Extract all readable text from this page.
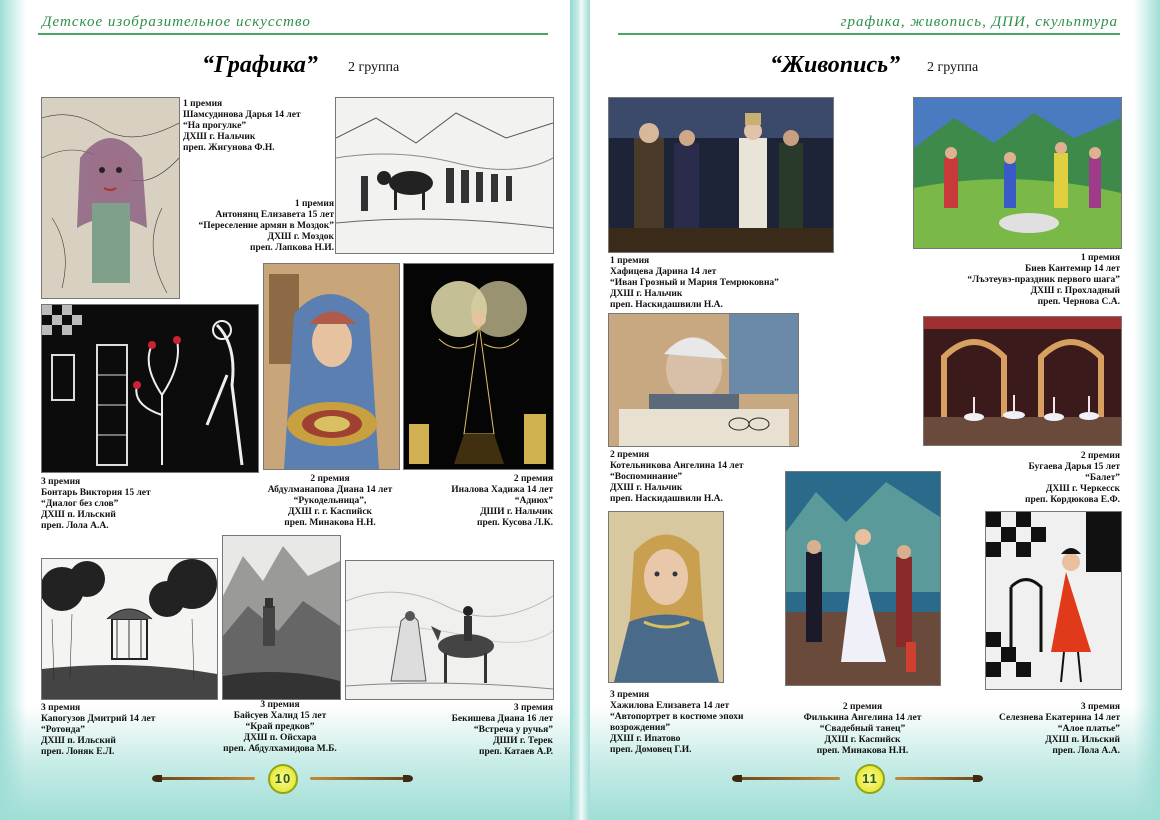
Детское изобразительное искусство
“Графика” 2 группа
1 премия
Шамсудинова Дарья 14 лет
“На прогулке”
ДХШ г. Нальчик
преп. Жигунова Ф.Н.
1 премия
Антонянц Елизавета 15 лет
“Переселение армян в Моздок”
ДХШ г. Моздок
преп. Лапкова Н.И.
3 премия
Бонтарь Виктория 15 лет
“Диалог без слов”
ДХШ п. Ильский
преп. Лола А.А.
2 премия
Абдулманапова Диана 14 лет
“Рукодельница”,
ДХШ г. г. Каспийск
преп. Минакова Н.Н.
2 премия
Иналова Хадижа 14 лет
“Адиюх”
ДШИ г. Нальчик
преп. Кусова Л.К.
3 премия
Капогузов Дмитрий 14 лет
“Ротонда”
ДХШ п. Ильский
преп. Лоняк Е.Л.
3 премия
Байсуев Халид 15 лет
“Край предков”
ДХШ п. Ойсхара
преп. Абдулхамидова М.Б.
3 премия
Бекишева Диана 16 лет
“Встреча у ручья”
ДШИ г. Терек
преп. Катаев А.Р.
10
графика, живопись, ДПИ, скульптура
“Живопись” 2 группа
1 премия
Хафицева Дарина 14 лет
“Иван Грозный и Мария Темрюковна”
ДХШ г. Нальчик
преп. Наскидашвили Н.А.
1 премия
Биев Кантемир 14 лет
“Лъэтеувэ-праздник первого шага”
ДХШ г. Прохладный
преп. Чернова С.А.
2 премия
Котельникова Ангелина 14 лет
“Воспоминание”
ДХШ г. Нальчик
преп. Наскидашвили Н.А.
2 премия
Бугаева Дарья 15 лет
“Балет”
ДХШ г. Черкесск
преп. Кордюкова Е.Ф.
3 премия
Хажилова Елизавета 14 лет
“Автопортрет в костюме эпохи
возрождения”
ДХШ г. Ипатово
преп. Домовец Г.И.
2 премия
Филькина Ангелина 14 лет
“Свадебный танец”
ДХШ г. Каспийск
преп. Минакова Н.Н.
3 премия
Селезнева Екатерина 14 лет
“Алое платье”
ДХШ п. Ильский
преп. Лола А.А.
11
